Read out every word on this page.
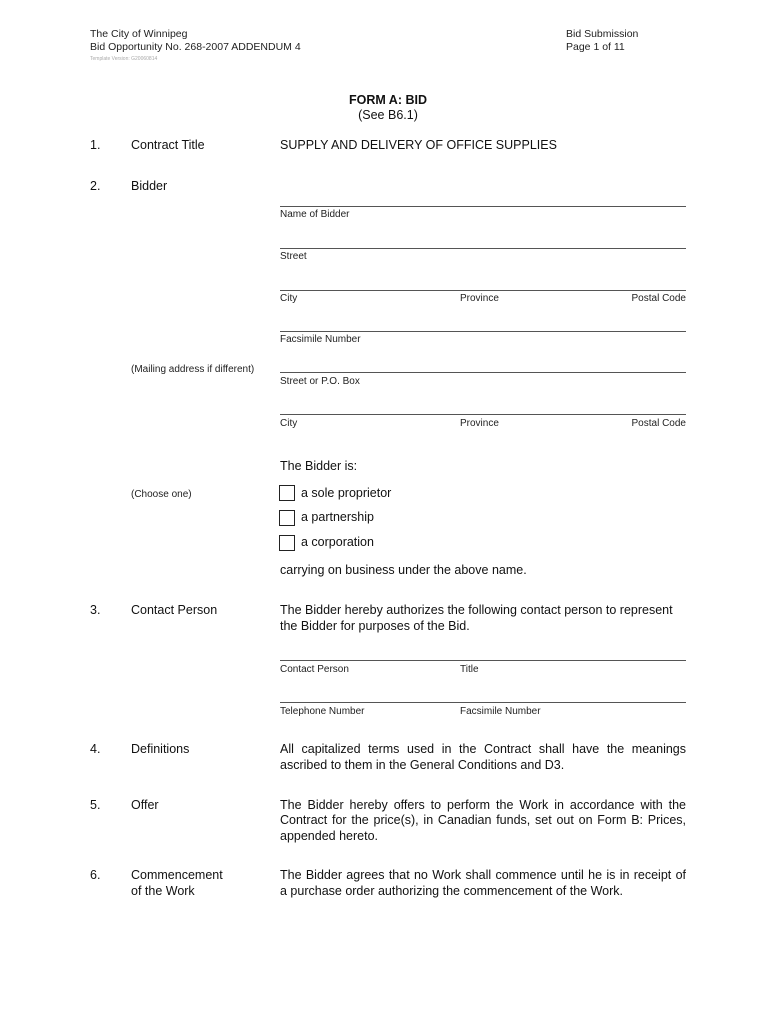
The City of Winnipeg
Bid Opportunity No. 268-2007 ADDENDUM 4
Template Version: G20060814
Bid Submission
Page 1 of 11
FORM A: BID
(See B6.1)
1. Contract Title	SUPPLY AND DELIVERY OF OFFICE SUPPLIES
2. Bidder
Name of Bidder
Street
City	Province	Postal Code
Facsimile Number
(Mailing address if different)
Street or P.O. Box
City	Province	Postal Code
The Bidder is:
(Choose one)	a sole proprietor
a partnership
a corporation
carrying on business under the above name.
3. Contact Person	The Bidder hereby authorizes the following contact person to represent
the Bidder for purposes of the Bid.
Contact Person	Title
Telephone Number	Facsimile Number
4. Definitions	All capitalized terms used in the Contract shall have the meanings
ascribed to them in the General Conditions and D3.
5. Offer	The Bidder hereby offers to perform the Work in accordance with the
Contract for the price(s), in Canadian funds, set out on Form B: Prices,
appended hereto.
6. Commencement
of the Work
The Bidder agrees that no Work shall commence until he is in receipt of
a purchase order authorizing the commencement of the Work.
